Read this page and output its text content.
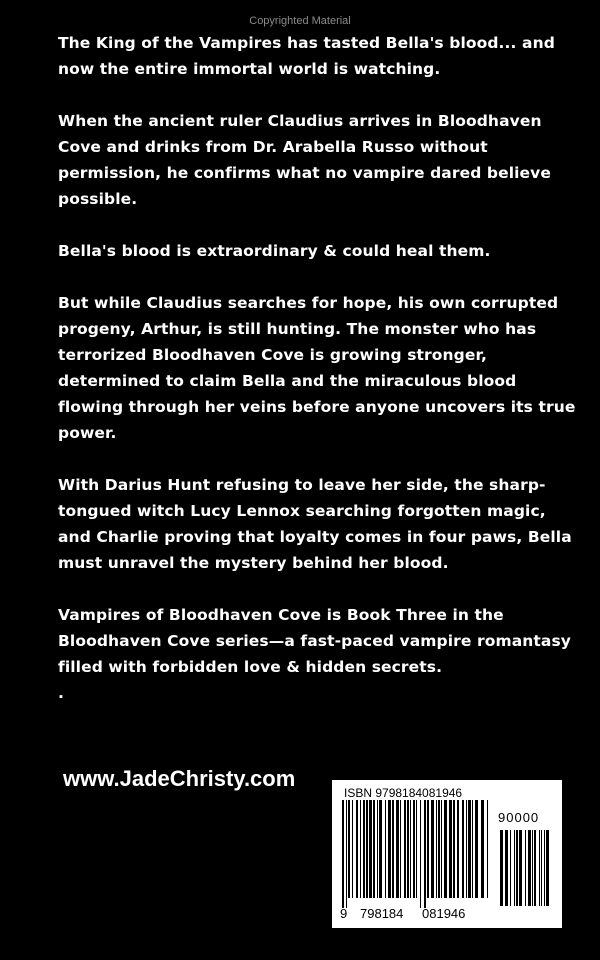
Copyrighted Material

The King of the Vampires has tasted Bella's blood... and now the entire immortal world is watching.

When the ancient ruler Claudius arrives in Bloodhaven Cove and drinks from Dr. Arabella Russo without permission, he confirms what no vampire dared believe possible.

Bella's blood is extraordinary & could heal them.

But while Claudius searches for hope, his own corrupted progeny, Arthur, is still hunting. The monster who has terrorized Bloodhaven Cove is growing stronger, determined to claim Bella and the miraculous blood flowing through her veins before anyone uncovers its true power.

With Darius Hunt refusing to leave her side, the sharp-tongued witch Lucy Lennox searching forgotten magic, and Charlie proving that loyalty comes in four paws, Bella must unravel the mystery behind her blood.

Vampires of Bloodhaven Cove is Book Three in the Bloodhaven Cove series—a fast-paced vampire romantasy filled with forbidden love & hidden secrets.
.

www.JadeChristy.com
ISBN 9798184081946
90000
9 798184 081946
